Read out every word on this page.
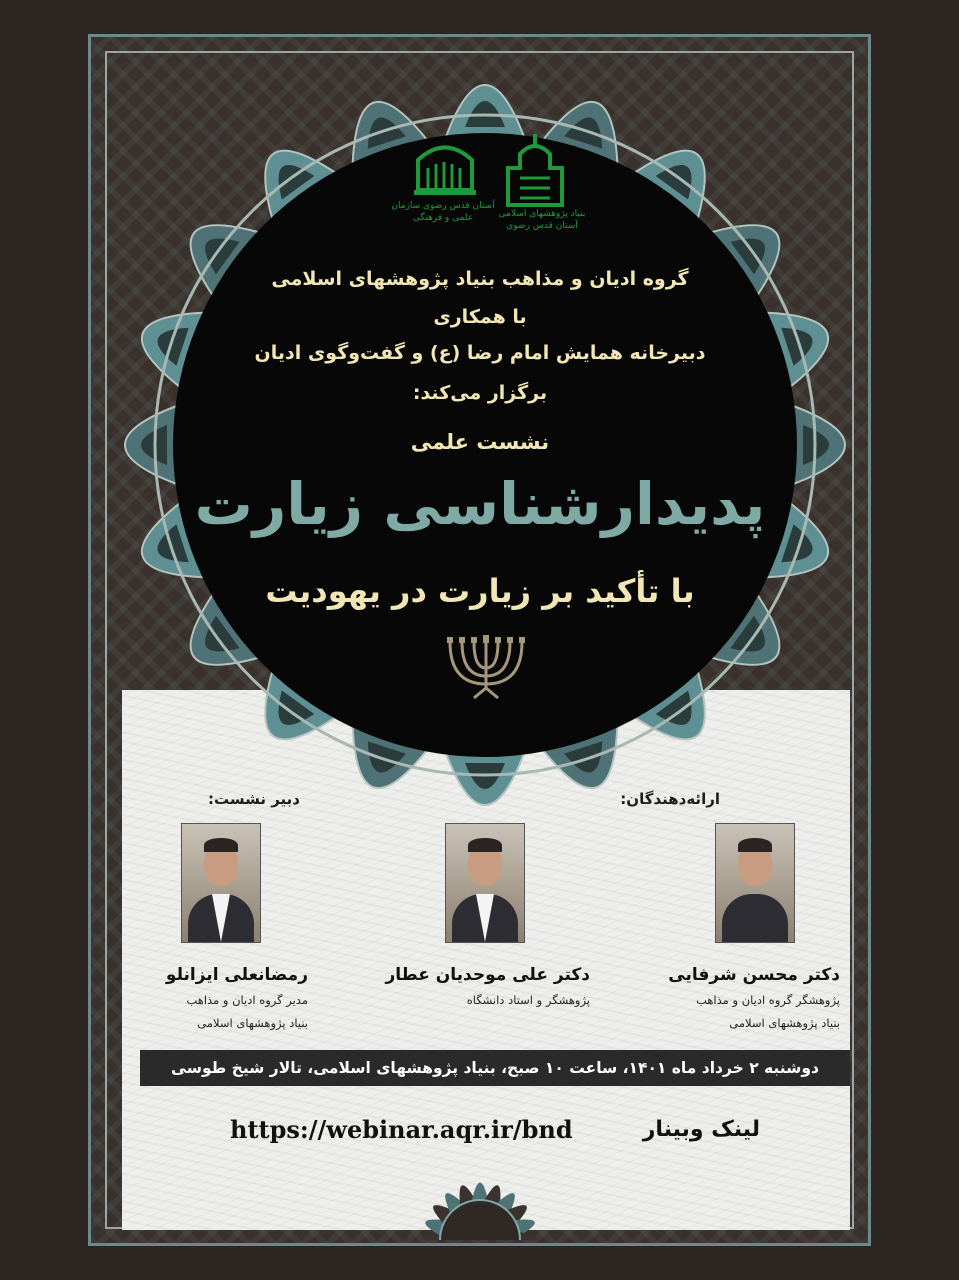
آستان قدس رضوی سازمان علمی و فرهنگی	بنیاد پژوهشهای اسلامی آستان قدس رضوی
گروه ادیان و مذاهب بنیاد پژوهشهای اسلامی
با همکاری
دبیرخانه همایش امام رضا (ع) و گفت‌وگوی ادیان
برگزار می‌کند:
نشست علمی
پدیدارشناسی زیارت
با تأکید بر زیارت در یهودیت
ارائه‌دهندگان:
دبیر نشست:
دکتر محسن شرفایی
پژوهشگر گروه ادیان و مذاهب
بنیاد پژوهشهای اسلامی
دکتر علی موحدیان عطار
پژوهشگر و استاد دانشگاه
رمضانعلی ایزانلو
مدیر گروه ادیان و مذاهب
بنیاد پژوهشهای اسلامی
دوشنبه ۲ خرداد ماه ۱۴۰۱، ساعت ۱۰ صبح، بنیاد پژوهشهای اسلامی، تالار شیخ طوسی
https://webinar.aqr.ir/bnd	لینک وبینار
